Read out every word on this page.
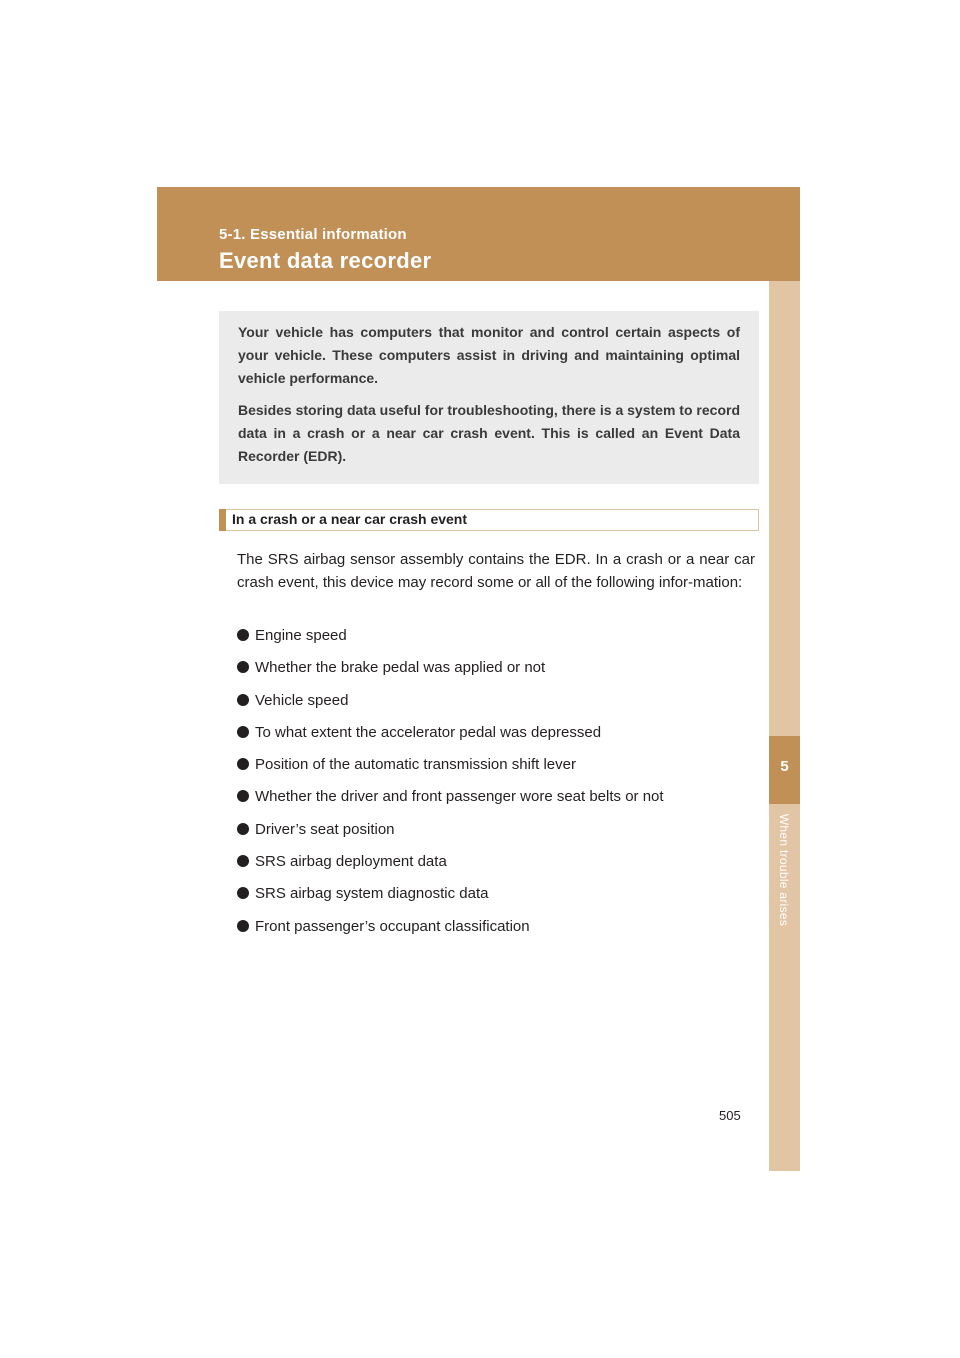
5-1. Essential information
Event data recorder
5
When trouble arises

Your vehicle has computers that monitor and control certain aspects of your vehicle. These computers assist in driving and maintaining optimal vehicle performance.

Besides storing data useful for troubleshooting, there is a system to record data in a crash or a near car crash event. This is called an Event Data Recorder (EDR).

In a crash or a near car crash event

The SRS airbag sensor assembly contains the EDR. In a crash or a near car crash event, this device may record some or all of the following infor-mation:

Engine speed
Whether the brake pedal was applied or not
Vehicle speed
To what extent the accelerator pedal was depressed
Position of the automatic transmission shift lever
Whether the driver and front passenger wore seat belts or not
Driver’s seat position
SRS airbag deployment data
SRS airbag system diagnostic data
Front passenger’s occupant classification
505
